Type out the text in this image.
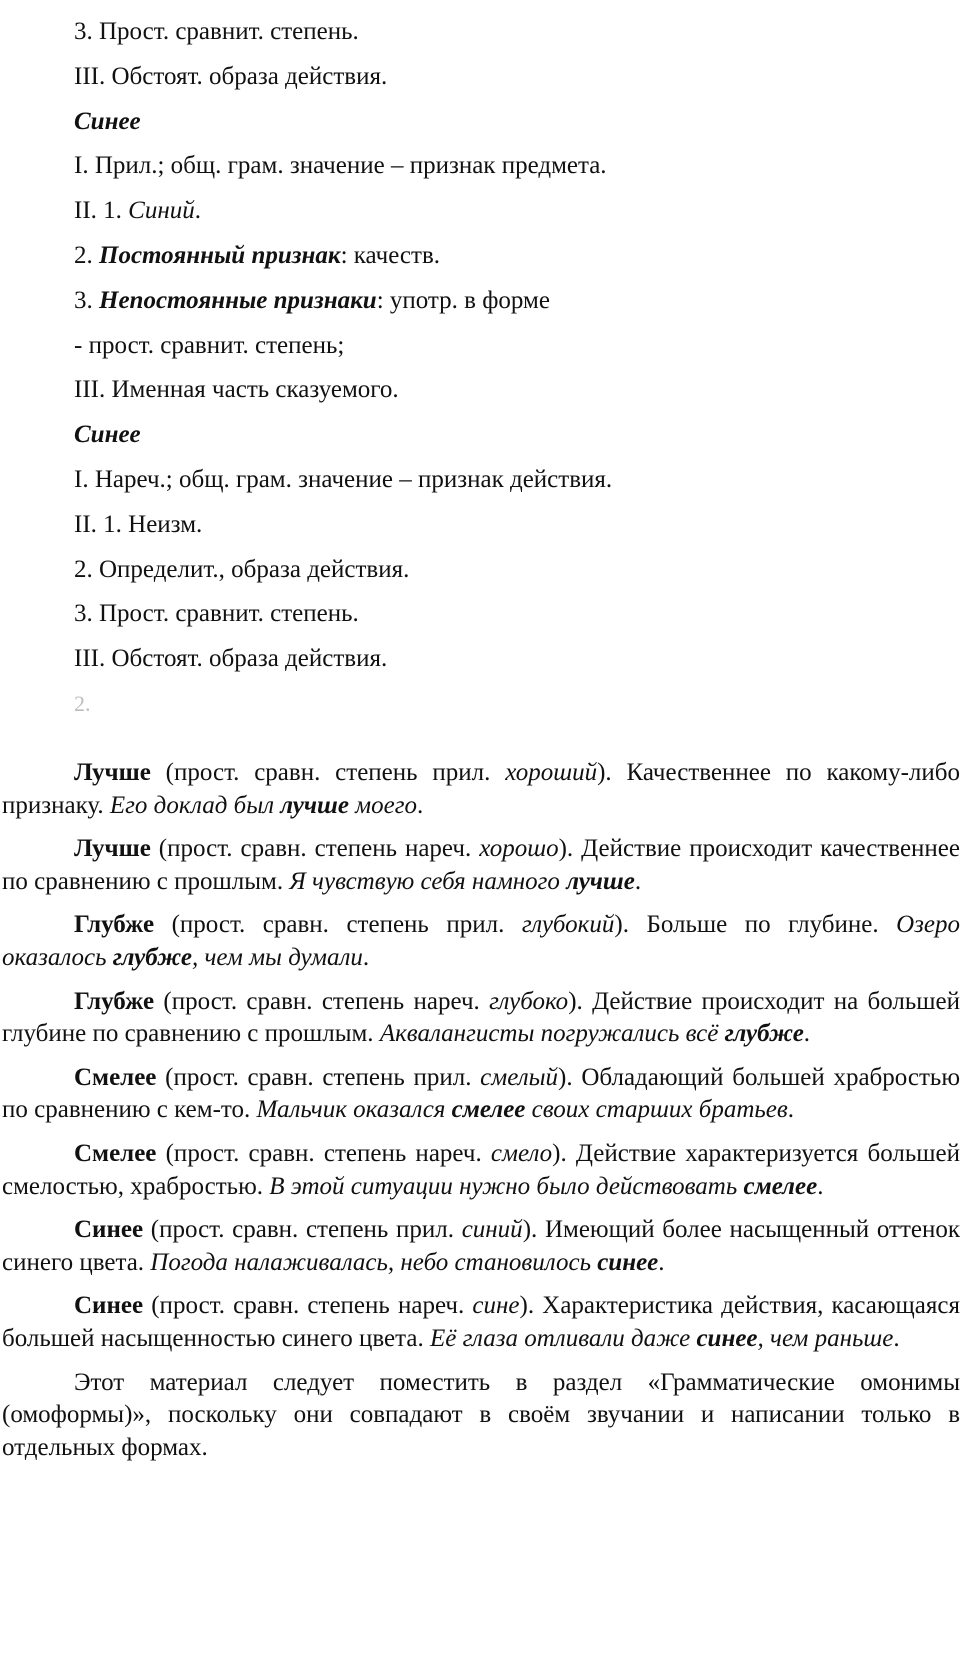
3. Прост. сравнит. степень.
III. Обстоят. образа действия.
Синее
I. Прил.; общ. грам. значение – признак предмета.
II. 1. Синий.
2. Постоянный признак: качеств.
3. Непостоянные признаки: употр. в форме
- прост. сравнит. степень;
III. Именная часть сказуемого.
Синее
I. Нареч.; общ. грам. значение – признак действия.
II. 1. Неизм.
2. Определит., образа действия.
3. Прост. сравнит. степень.
III. Обстоят. образа действия.
2.

Лучше (прост. сравн. степень прил. хороший). Качественнее по какому-либо признаку. Его доклад был лучше моего.

Лучше (прост. сравн. степень нареч. хорошо). Действие происходит качественнее по сравнению с прошлым. Я чувствую себя намного лучше.

Глубже (прост. сравн. степень прил. глубокий). Больше по глубине. Озеро оказалось глубже, чем мы думали.

Глубже (прост. сравн. степень нареч. глубоко). Действие происходит на большей глубине по сравнению с прошлым. Аквалангисты погружались всё глубже.

Смелее (прост. сравн. степень прил. смелый). Обладающий большей храбростью по сравнению с кем-то. Мальчик оказался смелее своих старших братьев.

Смелее (прост. сравн. степень нареч. смело). Действие характеризуется большей смелостью, храбростью. В этой ситуации нужно было действовать смелее.

Синее (прост. сравн. степень прил. синий). Имеющий более насыщенный оттенок синего цвета. Погода налаживалась, небо становилось синее.

Синее (прост. сравн. степень нареч. сине). Характеристика действия, касающаяся большей насыщенностью синего цвета. Её глаза отливали даже синее, чем раньше.

Этот материал следует поместить в раздел «Грамматические омонимы (омоформы)», поскольку они совпадают в своём звучании и написании только в отдельных формах.
